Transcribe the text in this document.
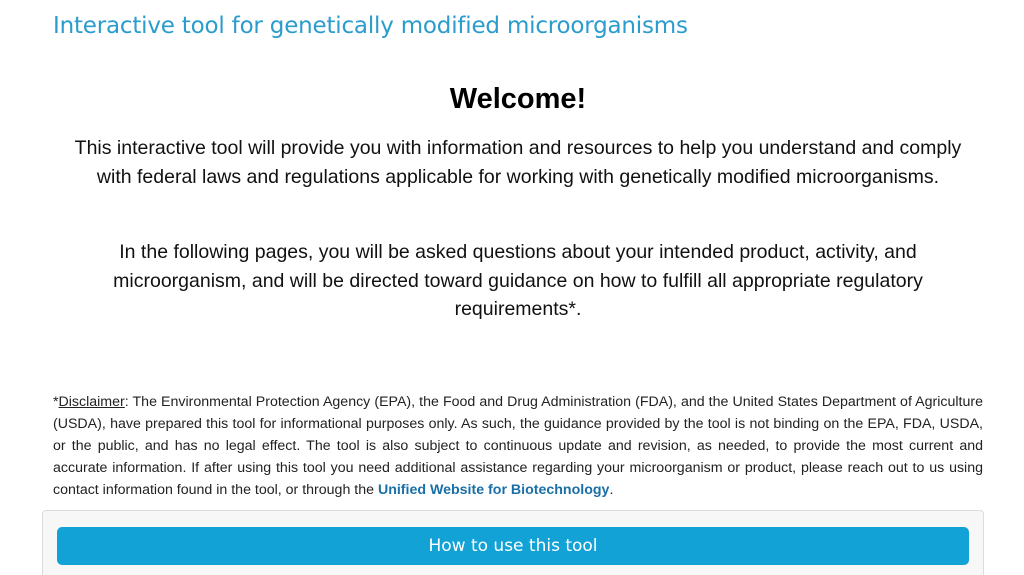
Interactive tool for genetically modified microorganisms
Welcome!

This interactive tool will provide you with information and resources to help you understand and comply with federal laws and regulations applicable for working with genetically modified microorganisms.

In the following pages, you will be asked questions about your intended product, activity, and microorganism, and will be directed toward guidance on how to fulfill all appropriate regulatory requirements*.

*Disclaimer: The Environmental Protection Agency (EPA), the Food and Drug Administration (FDA), and the United States Department of Agriculture (USDA), have prepared this tool for informational purposes only. As such, the guidance provided by the tool is not binding on the EPA, FDA, USDA, or the public, and has no legal effect. The tool is also subject to continuous update and revision, as needed, to provide the most current and accurate information. If after using this tool you need additional assistance regarding your microorganism or product, please reach out to us using contact information found in the tool, or through the Unified Website for Biotechnology.

How to use this tool
